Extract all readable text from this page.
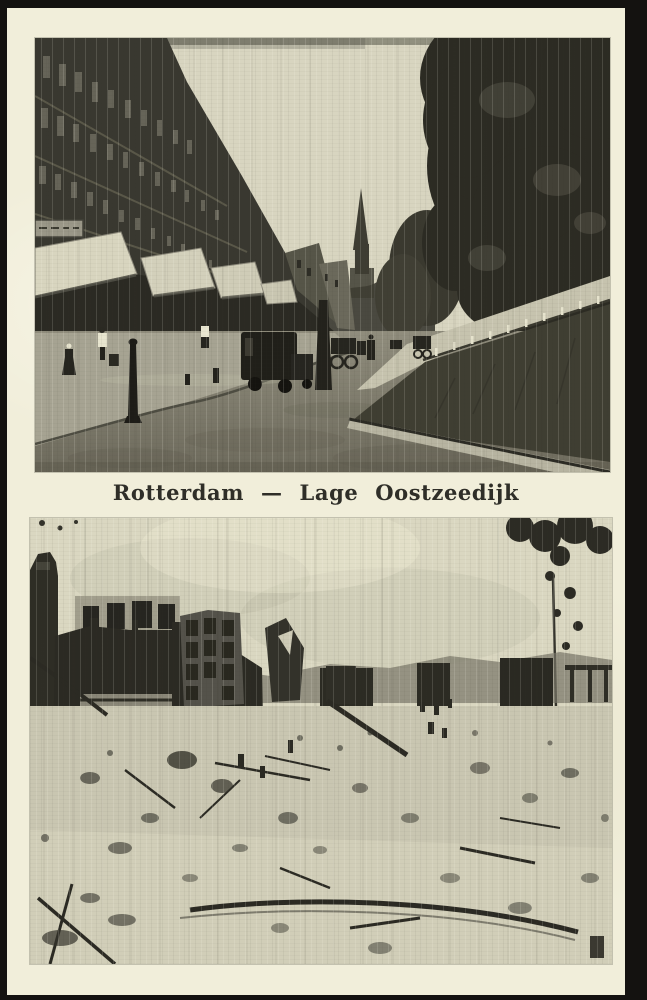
Rotterdam — Lage Oostzeedijk
